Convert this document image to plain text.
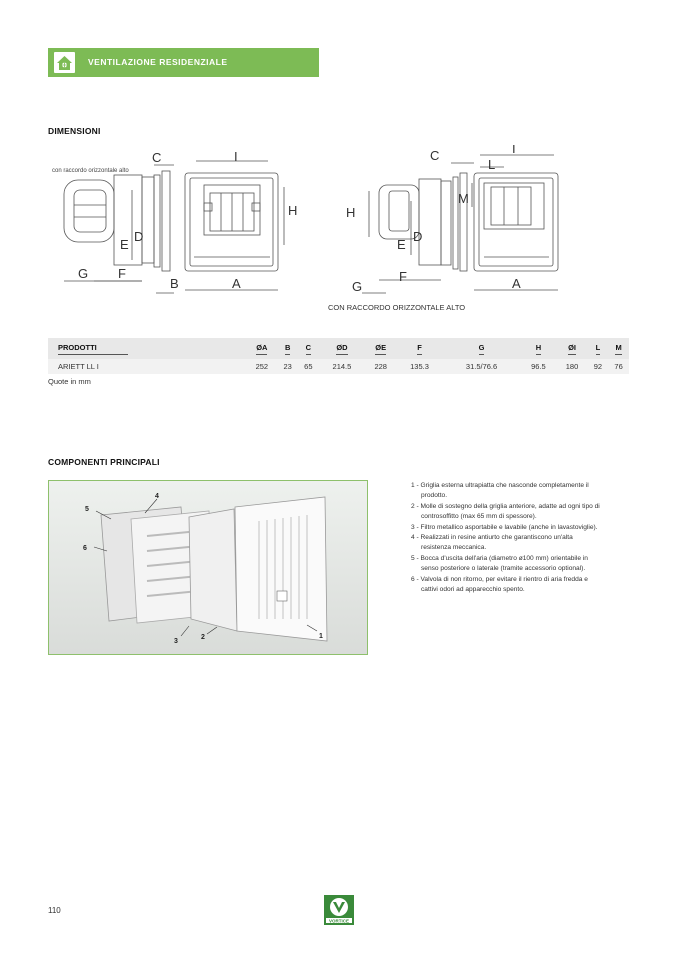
VENTILAZIONE RESIDENZIALE
DIMENSIONI
con raccordo orizzontale alto
C	I
E
D
H
G F
B	A
C	I
L
M
H
E
D
G
F	A
CON RACCORDO ORIZZONTALE ALTO
PRODOTTI	ØA	B	C	ØD	ØE	F	G	H	ØI	L	M
ARIETT LL I	252	23	65	214.5	228	135.3	31.5/76.6	96.5	180	92	76
Quote in mm
COMPONENTI PRINCIPALI
5
4
6
3
2	1
1 - Griglia esterna ultrapiatta che nasconde completamente il prodotto.
2 - Molle di sostegno della griglia anteriore, adatte ad ogni tipo di controsoffitto (max 65 mm di spessore).
3 - Filtro metallico asportabile e lavabile (anche in lavastoviglie).
4 - Realizzati in resine antiurto che garantiscono un'alta resistenza meccanica.
5 - Bocca d'uscita dell'aria (diametro ø100 mm) orientabile in senso posteriore o laterale (tramite accessorio optional).
6 - Valvola di non ritorno, per evitare il rientro di aria fredda e cattivi odori ad apparecchio spento.
110
VORTICE
